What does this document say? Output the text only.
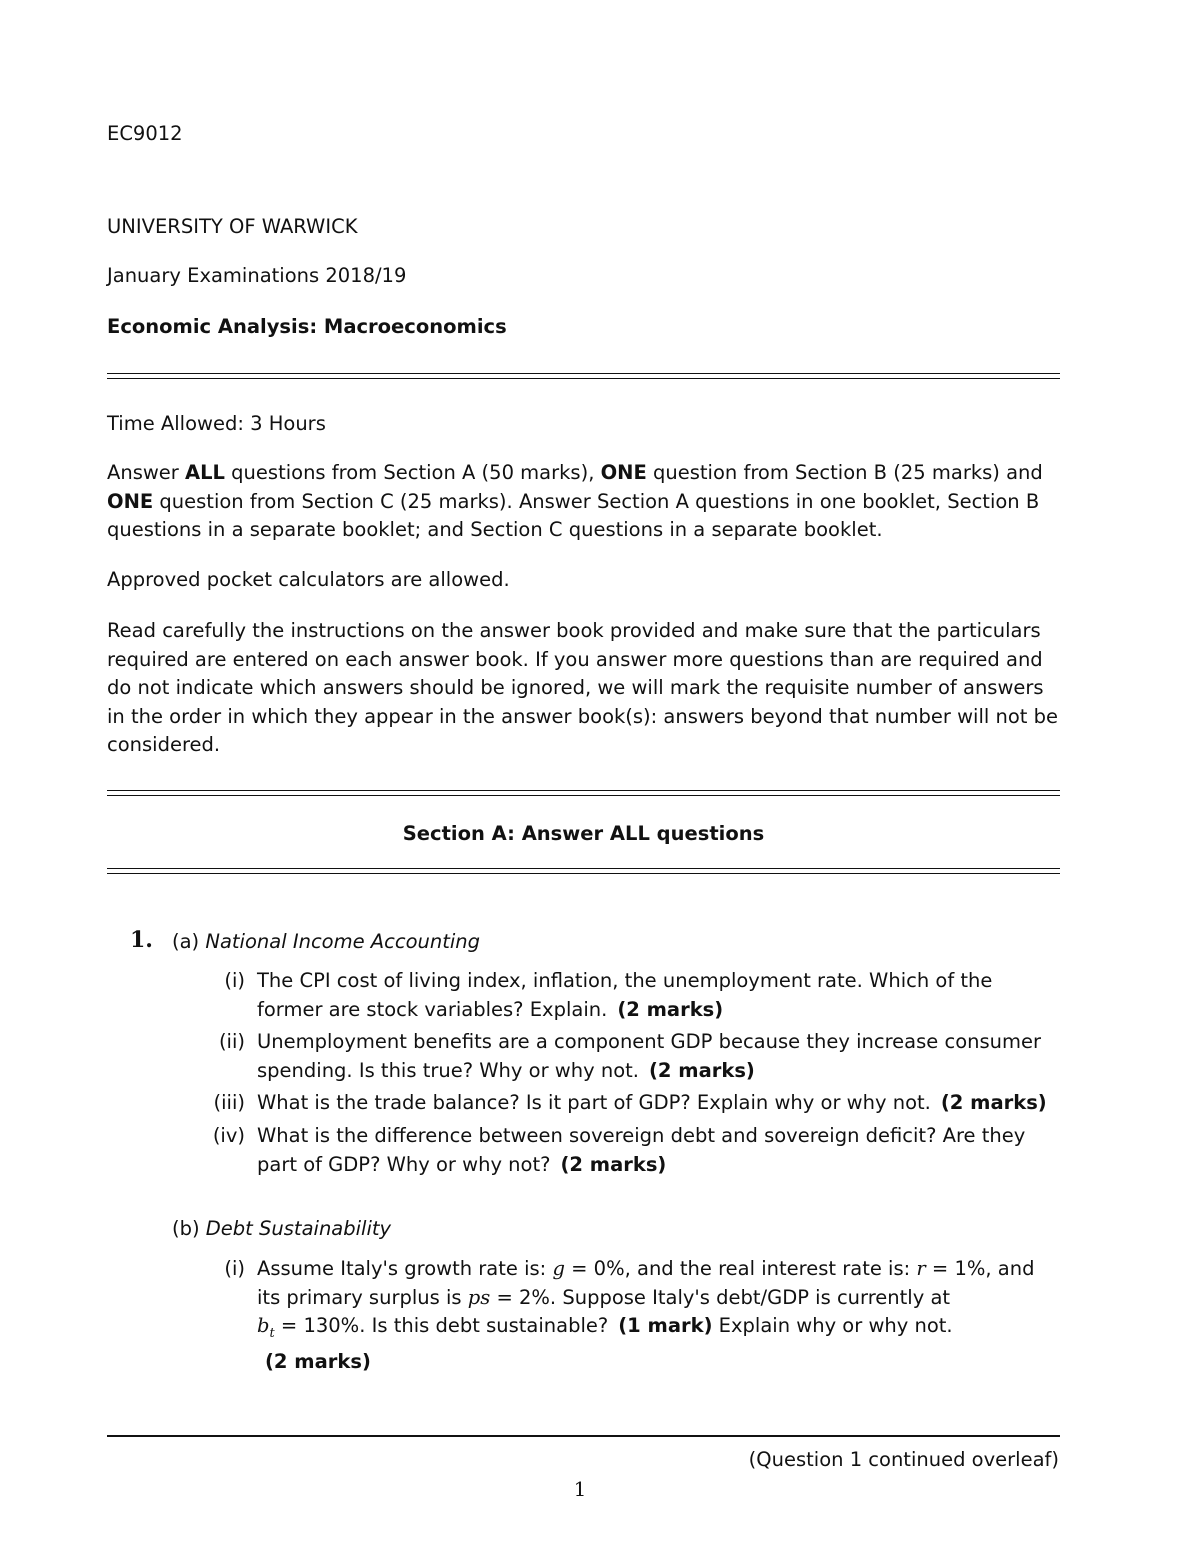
EC9012
UNIVERSITY OF WARWICK
January Examinations 2018/19
Economic Analysis: Macroeconomics
Time Allowed: 3 Hours
Answer ALL questions from Section A (50 marks), ONE question from Section B (25 marks) and ONE question from Section C (25 marks). Answer Section A questions in one booklet, Section B questions in a separate booklet; and Section C questions in a separate booklet.
Approved pocket calculators are allowed.
Read carefully the instructions on the answer book provided and make sure that the particulars required are entered on each answer book. If you answer more questions than are required and do not indicate which answers should be ignored, we will mark the requisite number of answers in the order in which they appear in the answer book(s): answers beyond that number will not be considered.
Section A: Answer ALL questions
1. (a) National Income Accounting
(i) The CPI cost of living index, inflation, the unemployment rate. Which of the former are stock variables? Explain. (2 marks)
(ii) Unemployment benefits are a component GDP because they increase consumer spending. Is this true? Why or why not. (2 marks)
(iii) What is the trade balance? Is it part of GDP? Explain why or why not. (2 marks)
(iv) What is the difference between sovereign debt and sovereign deficit? Are they part of GDP? Why or why not? (2 marks)
(b) Debt Sustainability
(i) Assume Italy's growth rate is: g = 0%, and the real interest rate is: r = 1%, and its primary surplus is ps = 2%. Suppose Italy's debt/GDP is currently at
$b_t = 130\%$. Is this debt sustainable? (1 mark) Explain why or why not.
(2 marks)
(Question 1 continued overleaf)
1
